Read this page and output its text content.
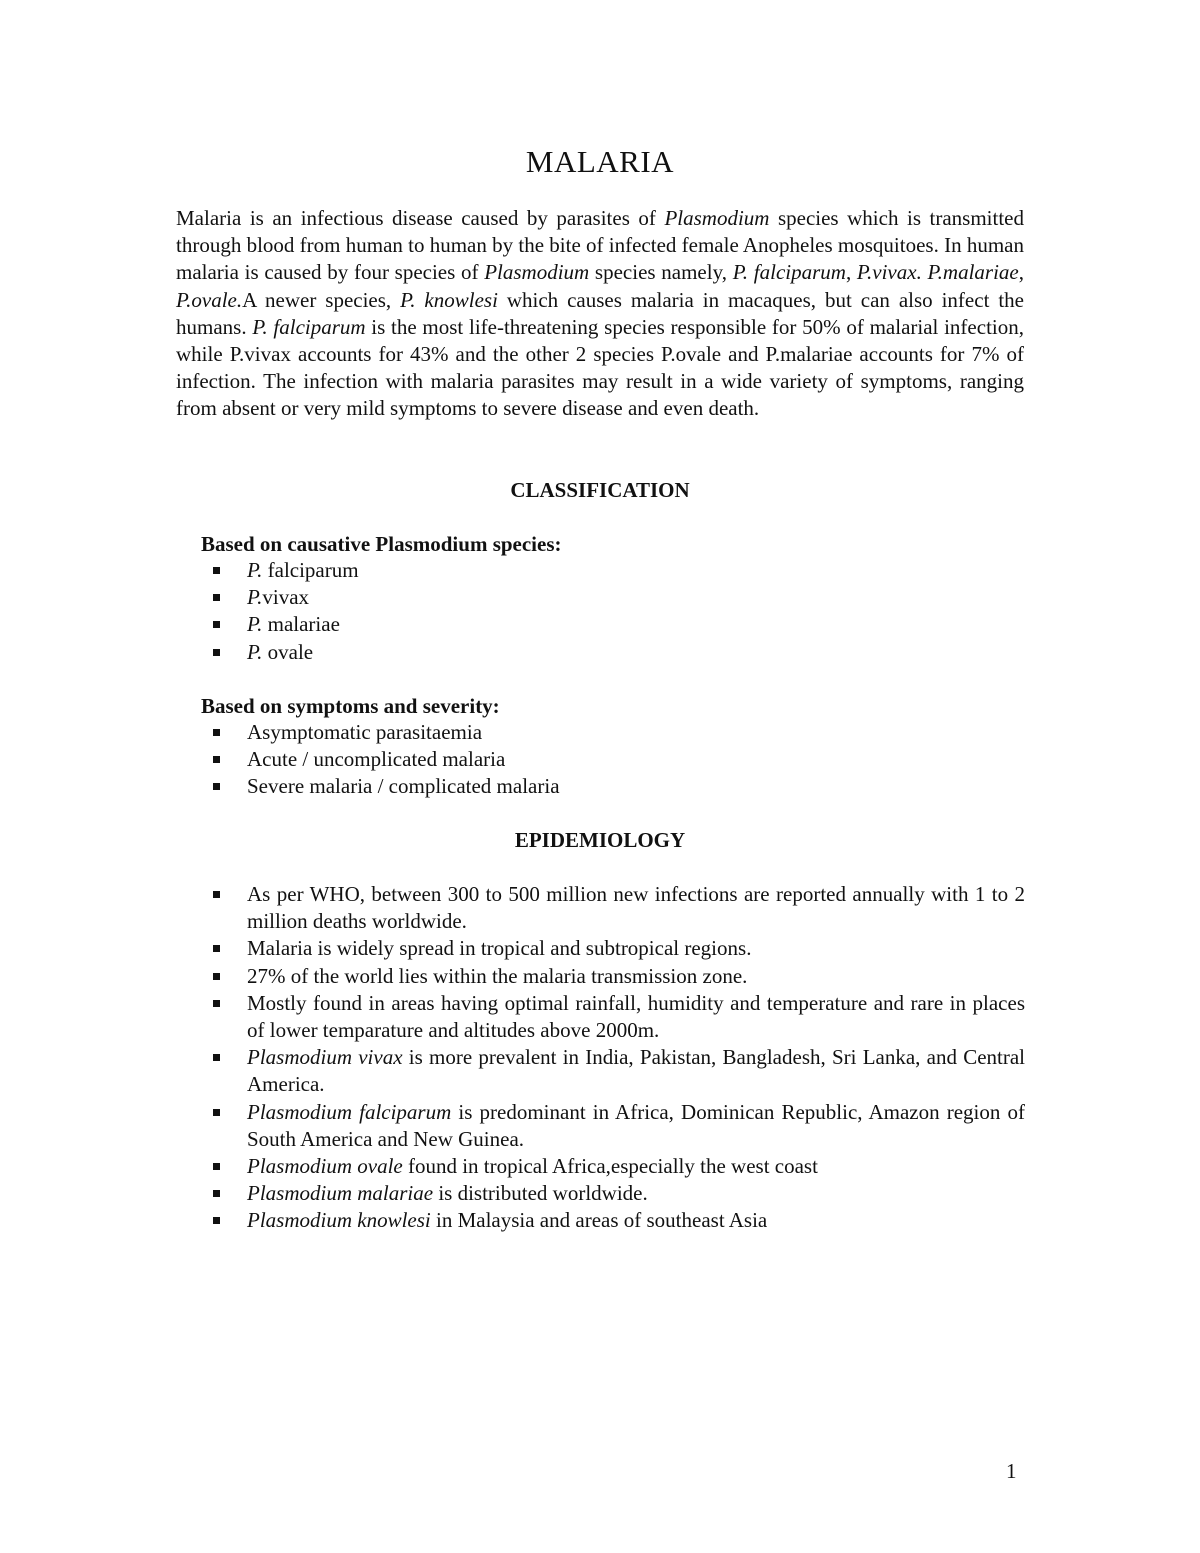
MALARIA

Malaria is an infectious disease caused by parasites of Plasmodium species which is transmitted through blood from human to human by the bite of infected female Anopheles mosquitoes. In human malaria is caused by four species of Plasmodium species namely, P. falciparum, P.vivax. P.malariae, P.ovale.A newer species, P. knowlesi which causes malaria in macaques, but can also infect the humans. P. falciparum is the most life-threatening species responsible for 50% of malarial infection, while P.vivax accounts for 43% and the other 2 species P.ovale and P.malariae accounts for 7% of infection. The infection with malaria parasites may result in a wide variety of symptoms, ranging from absent or very mild symptoms to severe disease and even death.

CLASSIFICATION
Based on causative Plasmodium species:
P. falciparum
P.vivax
P. malariae
P. ovale
Based on symptoms and severity:
Asymptomatic parasitaemia
Acute / uncomplicated malaria
Severe malaria / complicated malaria
EPIDEMIOLOGY
As per WHO, between 300 to 500 million new infections are reported annually with 1 to 2 million deaths worldwide.
Malaria is widely spread in tropical and subtropical regions.
27% of the world lies within the malaria transmission zone.
Mostly found in areas having optimal rainfall, humidity and temperature and rare in places of lower temparature and altitudes above 2000m.
Plasmodium vivax is more prevalent in India, Pakistan, Bangladesh, Sri Lanka, and Central America.
Plasmodium falciparum is predominant in Africa, Dominican Republic, Amazon region of South America and New Guinea.
Plasmodium ovale found in tropical Africa,especially the west coast
Plasmodium malariae is distributed worldwide.
Plasmodium knowlesi in Malaysia and areas of southeast Asia

1
